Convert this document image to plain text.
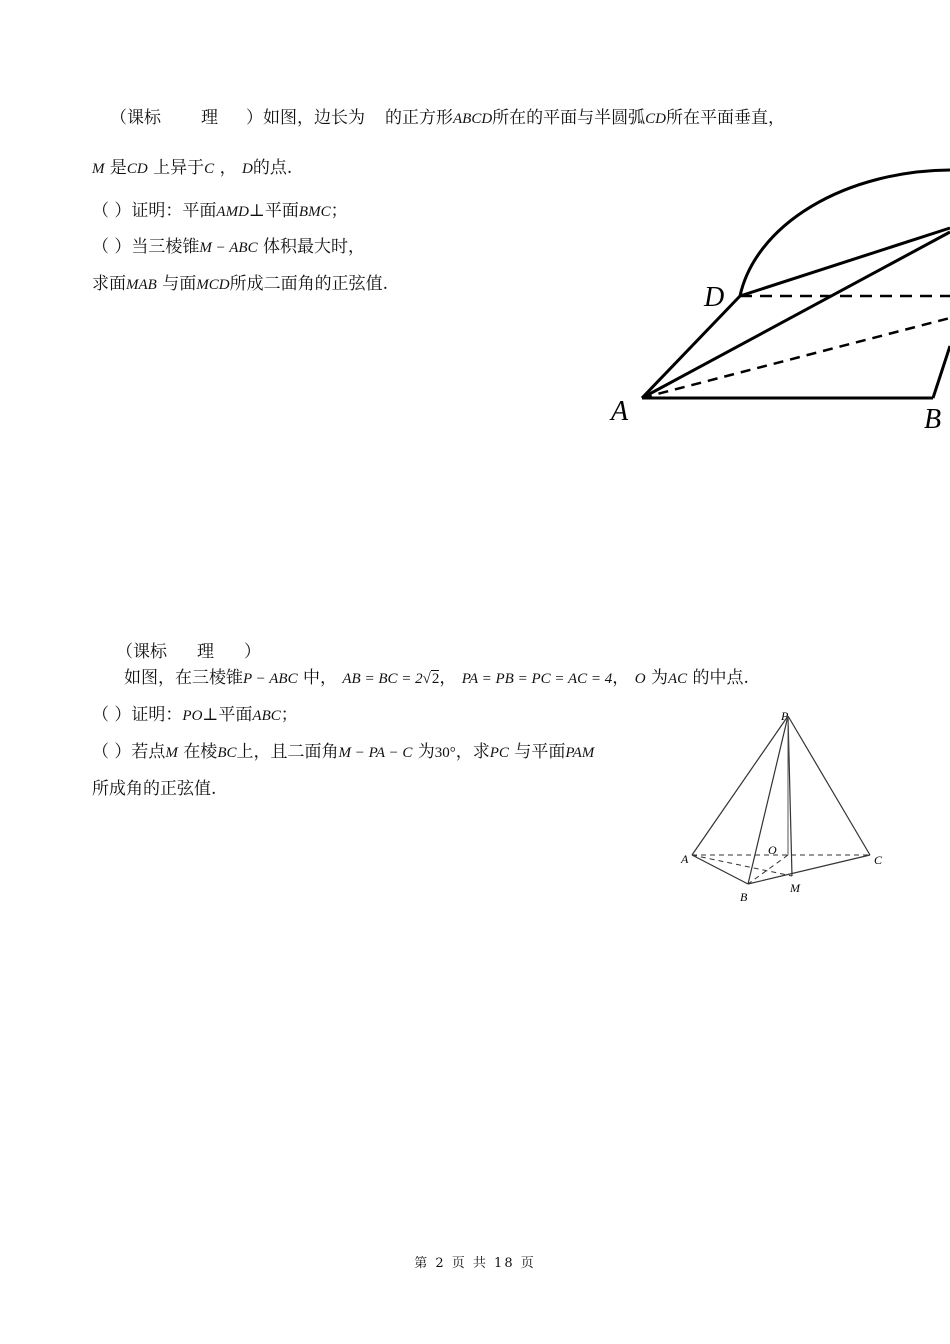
（课标 理 ）如图，边长为 的正方形ABCD所在的平面与半圆弧CD所在平面垂直，
M 是CD 上异于C ， D的点.
（ ）证明：平面AMD⊥平面BMC；
（ ）当三棱锥M − ABC 体积最大时，
求面MAB 与面MCD所成二面角的正弦值.	D
A	B
（课标 理 ）
如图，在三棱锥P − ABC 中， AB = BC = 2√2， PA = PB = PC = AC = 4， O 为AC 的中点.
（ ）证明：PO⊥平面ABC；
（ ）若点M 在棱BC上，且二面角M − PA − C 为30°，求PC 与平面PAM
所成角的正弦值.
P
A	C
O
B
M
第 2 页 共 18 页
